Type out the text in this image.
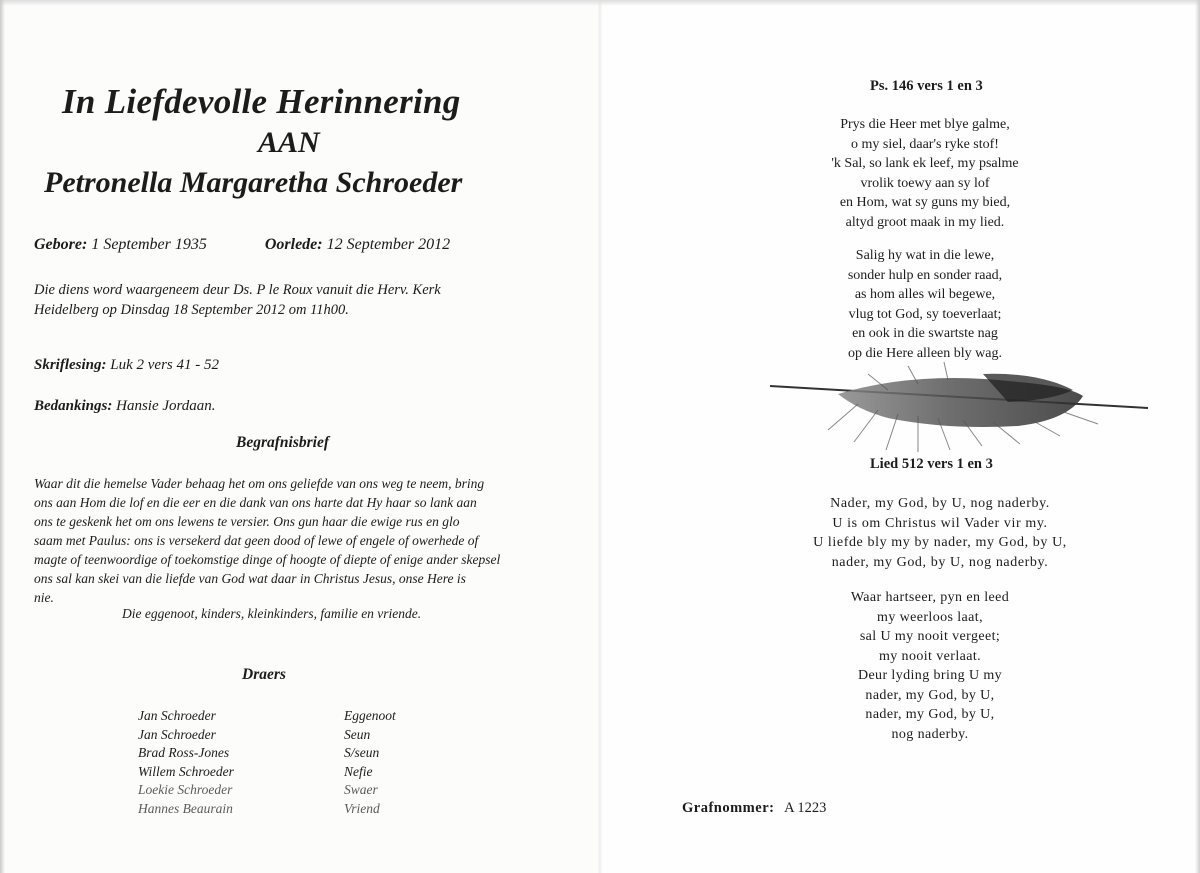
In Liefdevolle Herinnering
AAN
Petronella Margaretha Schroeder
Gebore: 1 September 1935	Oorlede: 12 September 2012
Die diens word waargeneem deur Ds. P le Roux vanuit die Herv. Kerk
Heidelberg op Dinsdag 18 September 2012 om 11h00.
Skriflesing: Luk 2 vers 41 - 52
Bedankings: Hansie Jordaan.
Begrafnisbrief
Waar dit die hemelse Vader behaag het om ons geliefde van ons weg te neem, bring
ons aan Hom die lof en die eer en die dank van ons harte dat Hy haar so lank aan
ons te geskenk het om ons lewens te versier. Ons gun haar die ewige rus en glo
saam met Paulus: ons is versekerd dat geen dood of lewe of engele of owerhede of
magte of teenwoordige of toekomstige dinge of hoogte of diepte of enige ander skepsel
ons sal kan skei van die liefde van God wat daar in Christus Jesus, onse Here is
nie.
Die eggenoot, kinders, kleinkinders, familie en vriende.
Draers
Jan Schroeder	Eggenoot
Jan Schroeder	Seun
Brad Ross-Jones	S/seun
Willem Schroeder	Nefie
Loekie Schroeder	Swaer
Hannes Beaurain	Vriend
Ps. 146 vers 1 en 3
Prys die Heer met blye galme,
o my siel, daar's ryke stof!
'k Sal, so lank ek leef, my psalme
vrolik toewy aan sy lof
en Hom, wat sy guns my bied,
altyd groot maak in my lied.
Salig hy wat in die lewe,
sonder hulp en sonder raad,
as hom alles wil begewe,
vlug tot God, sy toeverlaat;
en ook in die swartste nag
op die Here alleen bly wag.
Lied 512 vers 1 en 3
Nader, my God, by U, nog naderby.
U is om Christus wil Vader vir my.
U liefde bly my by nader, my God, by U,
nader, my God, by U, nog naderby.
Waar hartseer, pyn en leed
my weerloos laat,
sal U my nooit vergeet;
my nooit verlaat.
Deur lyding bring U my
nader, my God, by U,
nader, my God, by U,
nog naderby.
Grafnommer: A 1223
